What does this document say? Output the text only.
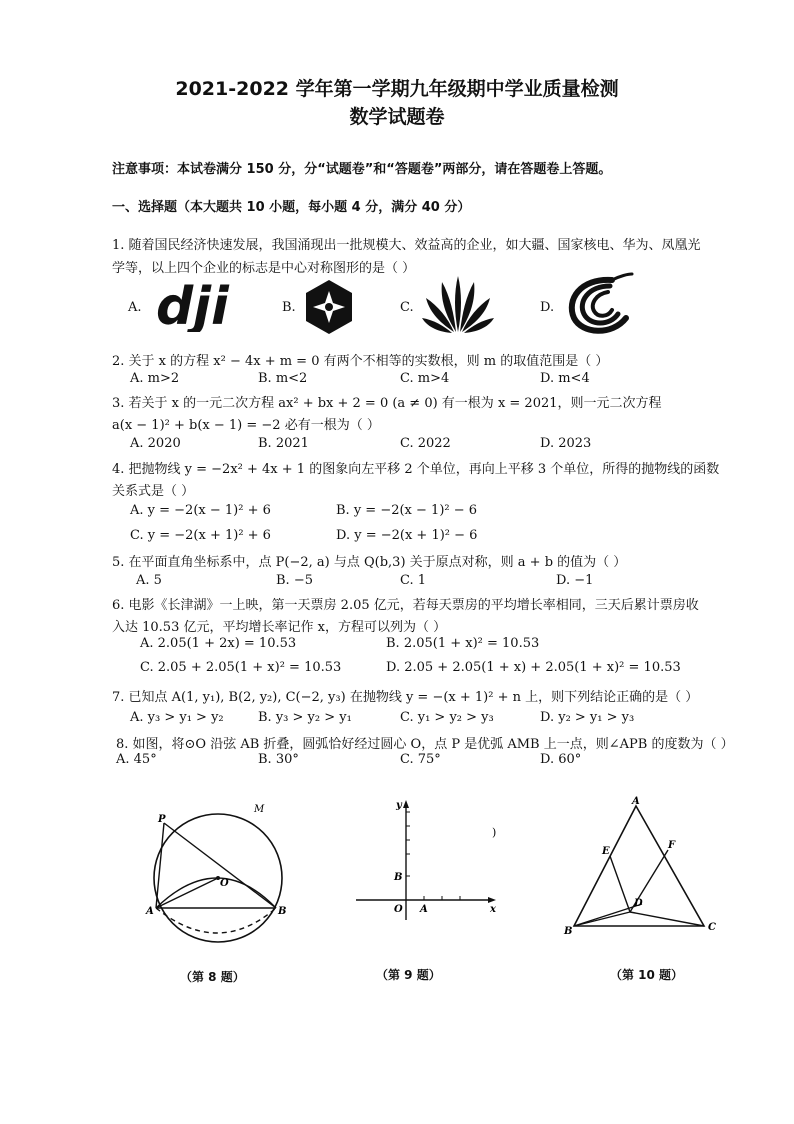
2021-2022 学年第一学期九年级期中学业质量检测
数学试题卷
注意事项：本试卷满分 150 分，分“试题卷”和“答题卷”两部分，请在答题卷上答题。
一、选择题（本大题共 10 小题，每小题 4 分，满分 40 分）
1. 随着国民经济快速发展，我国涌现出一批规模大、效益高的企业，如大疆、国家核电、华为、凤凰光
学等，以上四个企业的标志是中心对称图形的是（ ）
A. dji	B.	C.	D.
2. 关于 x 的方程 x² − 4x + m = 0 有两个不相等的实数根，则 m 的取值范围是（ ）
A. m>2	B. m<2	C. m>4	D. m<4
3. 若关于 x 的一元二次方程 ax² + bx + 2 = 0 (a ≠ 0) 有一根为 x = 2021，则一元二次方程
a(x − 1)² + b(x − 1) = −2 必有一根为（ ）
A. 2020	B. 2021	C. 2022	D. 2023
4. 把抛物线 y = −2x² + 4x + 1 的图象向左平移 2 个单位，再向上平移 3 个单位，所得的抛物线的函数
关系式是（ ）
A. y = −2(x − 1)² + 6	B. y = −2(x − 1)² − 6
C. y = −2(x + 1)² + 6	D. y = −2(x + 1)² − 6
5. 在平面直角坐标系中，点 P(−2, a) 与点 Q(b,3) 关于原点对称，则 a + b 的值为（ ）
A. 5	B. −5	C. 1	D. −1
6. 电影《长津湖》一上映，第一天票房 2.05 亿元，若每天票房的平均增长率相同，三天后累计票房收
入达 10.53 亿元，平均增长率记作 x，方程可以列为（ ）
A. 2.05(1 + 2x) = 10.53	B. 2.05(1 + x)² = 10.53
C. 2.05 + 2.05(1 + x)² = 10.53	D. 2.05 + 2.05(1 + x) + 2.05(1 + x)² = 10.53
7. 已知点 A(1, y₁), B(2, y₂), C(−2, y₃) 在抛物线 y = −(x + 1)² + n 上，则下列结论正确的是（ ）
A. y₃ > y₁ > y₂	B. y₃ > y₂ > y₁	C. y₁ > y₂ > y₃	D. y₂ > y₁ > y₃
8. 如图，将⊙O 沿弦 AB 折叠，圆弧恰好经过圆心 O，点 P 是优弧 AMB 上一点，则∠APB 的度数为（ ）
A. 45°	B. 30°	C. 75°	D. 60°
P
M
O
A	B
（第 8 题）
)
y
x
O A
B
（第 9 题）
A
E
F
D
B	C
（第 10 题）
